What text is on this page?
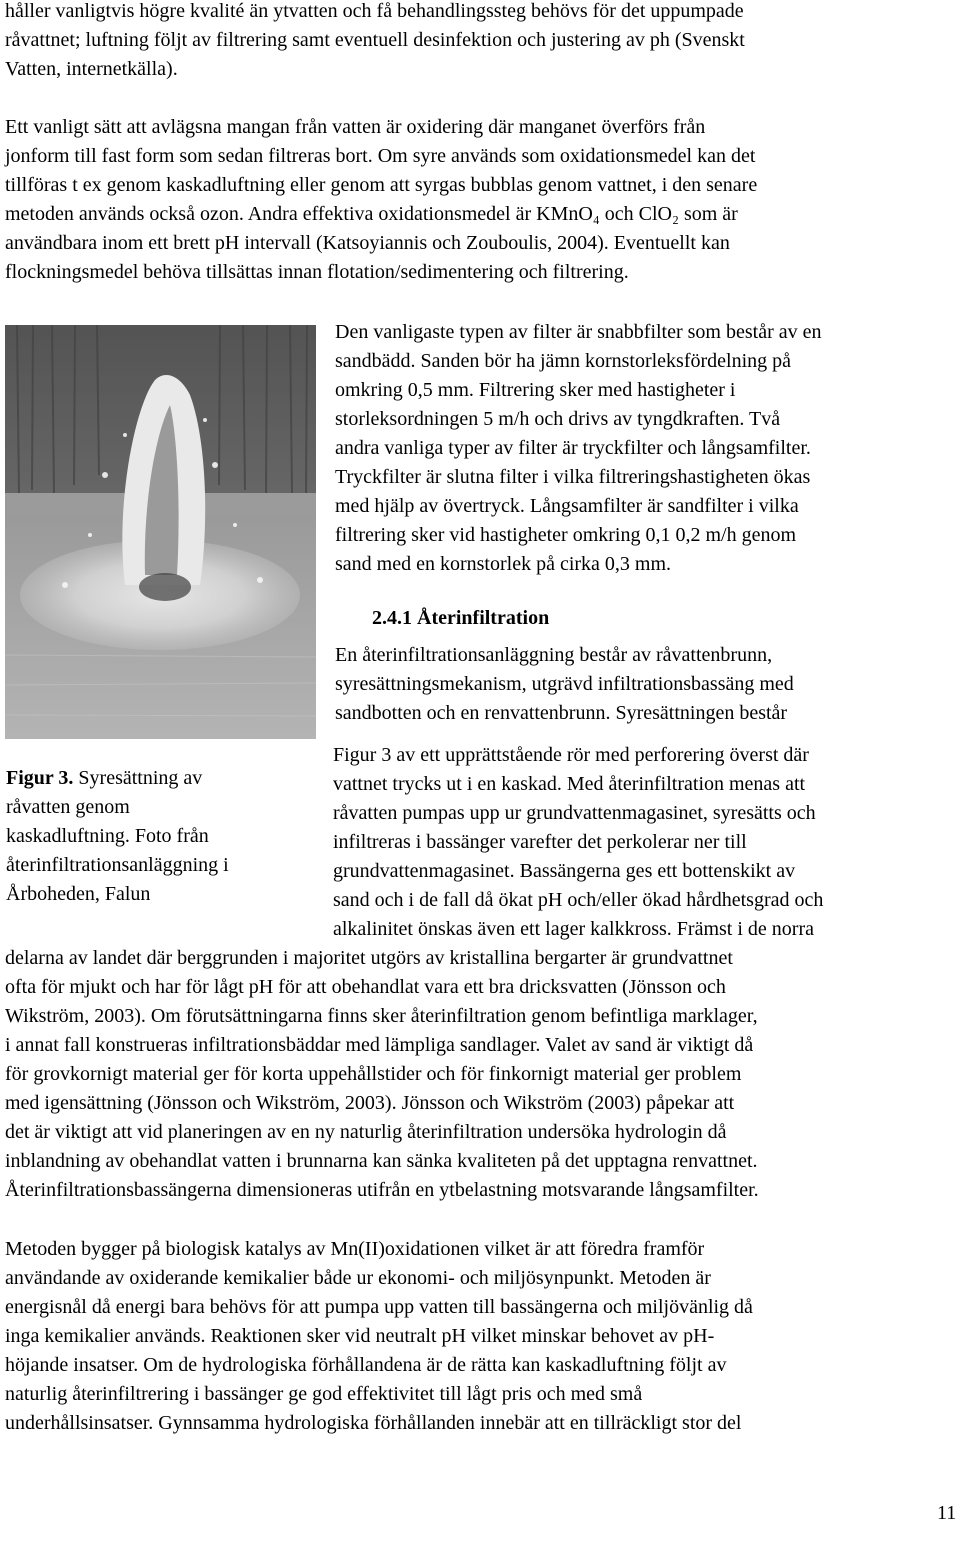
håller vanligtvis högre kvalité än ytvatten och få behandlingssteg behövs för det uppumpade
råvattnet; luftning följt av filtrering samt eventuell desinfektion och justering av ph (Svenskt
Vatten, internetkälla).
Ett vanligt sätt att avlägsna mangan från vatten är oxidering där manganet överförs från
jonform till fast form som sedan filtreras bort. Om syre används som oxidationsmedel kan det
tillföras t ex genom kaskadluftning eller genom att syrgas bubblas genom vattnet, i den senare
metoden används också ozon. Andra effektiva oxidationsmedel är KMnO₄ och ClO₂ som är
användbara inom ett brett pH intervall (Katsoyiannis och Zouboulis, 2004). Eventuellt kan
flockningsmedel behöva tillsättas innan flotation/sedimentering och filtrering.
Den vanligaste typen av filter är snabbfilter som består av en
sandbädd. Sanden bör ha jämn kornstorleksfördelning på
omkring 0,5 mm. Filtrering sker med hastigheter i
storleksordningen 5 m/h och drivs av tyngdkraften. Två
andra vanliga typer av filter är tryckfilter och långsamfilter.
Tryckfilter är slutna filter i vilka filtreringshastigheten ökas
med hjälp av övertryck. Långsamfilter är sandfilter i vilka
filtrering sker vid hastigheter omkring 0,1 0,2 m/h genom
sand med en kornstorlek på cirka 0,3 mm.
2.4.1 Återinfiltration
En återinfiltrationsanläggning består av råvattenbrunn,
syresättningsmekanism, utgrävd infiltrationsbassäng med
sandbotten och en renvattenbrunn. Syresättningen består
Figur 3 av ett upprättstående rör med perforering överst där
vattnet trycks ut i en kaskad. Med återinfiltration menas att
råvatten pumpas upp ur grundvattenmagasinet, syresätts och
infiltreras i bassänger varefter det perkolerar ner till
grundvattenmagasinet. Bassängerna ges ett bottenskikt av
sand och i de fall då ökat pH och/eller ökad hårdhetsgrad och
alkalinitet önskas även ett lager kalkkross. Främst i de norra
Figur 3. Syresättning av
råvatten genom
kaskadluftning. Foto från
återinfiltrationsanläggning i
Årboheden, Falun
delarna av landet där berggrunden i majoritet utgörs av kristallina bergarter är grundvattnet
ofta för mjukt och har för lågt pH för att obehandlat vara ett bra dricksvatten (Jönsson och
Wikström, 2003). Om förutsättningarna finns sker återinfiltration genom befintliga marklager,
i annat fall konstrueras infiltrationsbäddar med lämpliga sandlager. Valet av sand är viktigt då
för grovkornigt material ger för korta uppehållstider och för finkornigt material ger problem
med igensättning (Jönsson och Wikström, 2003). Jönsson och Wikström (2003) påpekar att
det är viktigt att vid planeringen av en ny naturlig återinfiltration undersöka hydrologin då
inblandning av obehandlat vatten i brunnarna kan sänka kvaliteten på det upptagna renvattnet.
Återinfiltrationsbassängerna dimensioneras utifrån en ytbelastning motsvarande långsamfilter.
Metoden bygger på biologisk katalys av Mn(II)oxidationen vilket är att föredra framför
användande av oxiderande kemikalier både ur ekonomi- och miljösynpunkt. Metoden är
energisnål då energi bara behövs för att pumpa upp vatten till bassängerna och miljövänlig då
inga kemikalier används. Reaktionen sker vid neutralt pH vilket minskar behovet av pH-
höjande insatser. Om de hydrologiska förhållandena är de rätta kan kaskadluftning följt av
naturlig återinfiltrering i bassänger ge god effektivitet till lågt pris och med små
underhållsinsatser. Gynnsamma hydrologiska förhållanden innebär att en tillräckligt stor del
11
